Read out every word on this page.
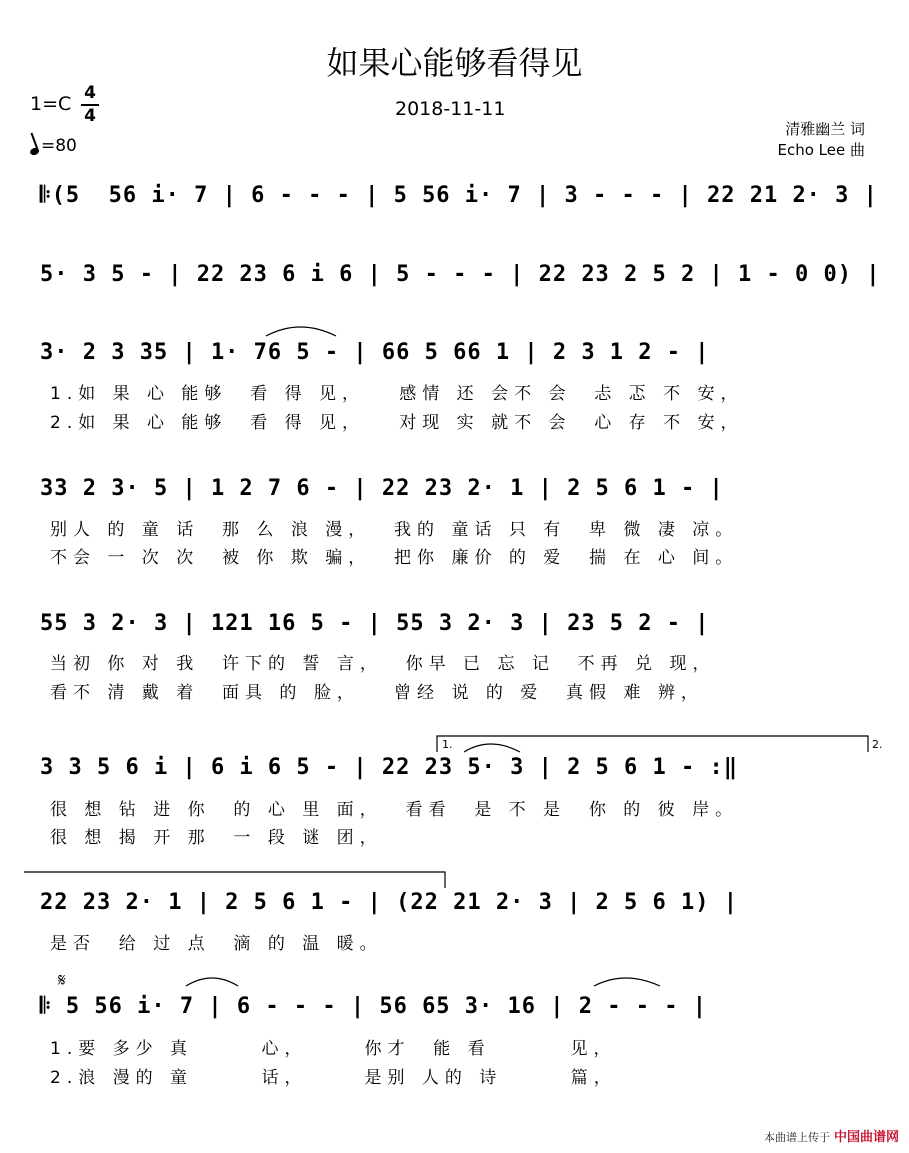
如果心能够看得见
1=C 4
4	2018-11-11
=80
清雅幽兰 词
Echo Lee 曲
𝄆(5  56 i· 7 | 6 - - - | 5 56 i· 7 | 3 - - - | 22 21 2· 3 |
5· 3 5 - | 22 23 6 i 6 | 5 - - - | 22 23 2 5 2 | 1 - 0 0) |
3· 2 3 35 | 1· 76 5 - | 66 5 66 1 | 2 3 1 2 - |
1.如 果 心 能够  看 得 见，   感情 还 会不 会  忐 忑 不 安，
2.如 果 心 能够  看 得 见，   对现 实 就不 会  心 存 不 安，
33 2 3· 5 | 1 2 7 6 - | 22 23 2· 1 | 2 5 6 1 - |
别人 的 童 话  那 么 浪 漫，  我的 童话 只 有  卑 微 凄 凉。
不会 一 次 次  被 你 欺 骗，  把你 廉价 的 爱  揣 在 心 间。
55 3 2· 3 | 121 16 5 - | 55 3 2· 3 | 23 5 2 - |
当初 你 对 我  许下的 誓 言，  你早 已 忘 记  不再 兑 现，
看不 清 戴 着  面具 的 脸，   曾经 说 的 爱  真假 难 辨，
1.	2.
3 3 5 6 i | 6 i 6 5 - | 22 23 5· 3 | 2 5 6 1 - :‖
很 想 钻 进 你  的 心 里 面，  看看  是 不 是  你 的 彼 岸。
很 想 揭 开 那  一 段 谜 团，
22 23 2· 1 | 2 5 6 1 - | (22 21 2· 3 | 2 5 6 1) |
是否  给 过 点  滴 的 温 暖。
𝄋
𝄆 5 56 i· 7 | 6 - - - | 56 65 3· 16 | 2 - - - |
1.要 多少 真      心，     你才  能 看       见，
2.浪 漫的 童      话，     是别 人的 诗      篇，
本曲谱上传于 中国曲谱网
